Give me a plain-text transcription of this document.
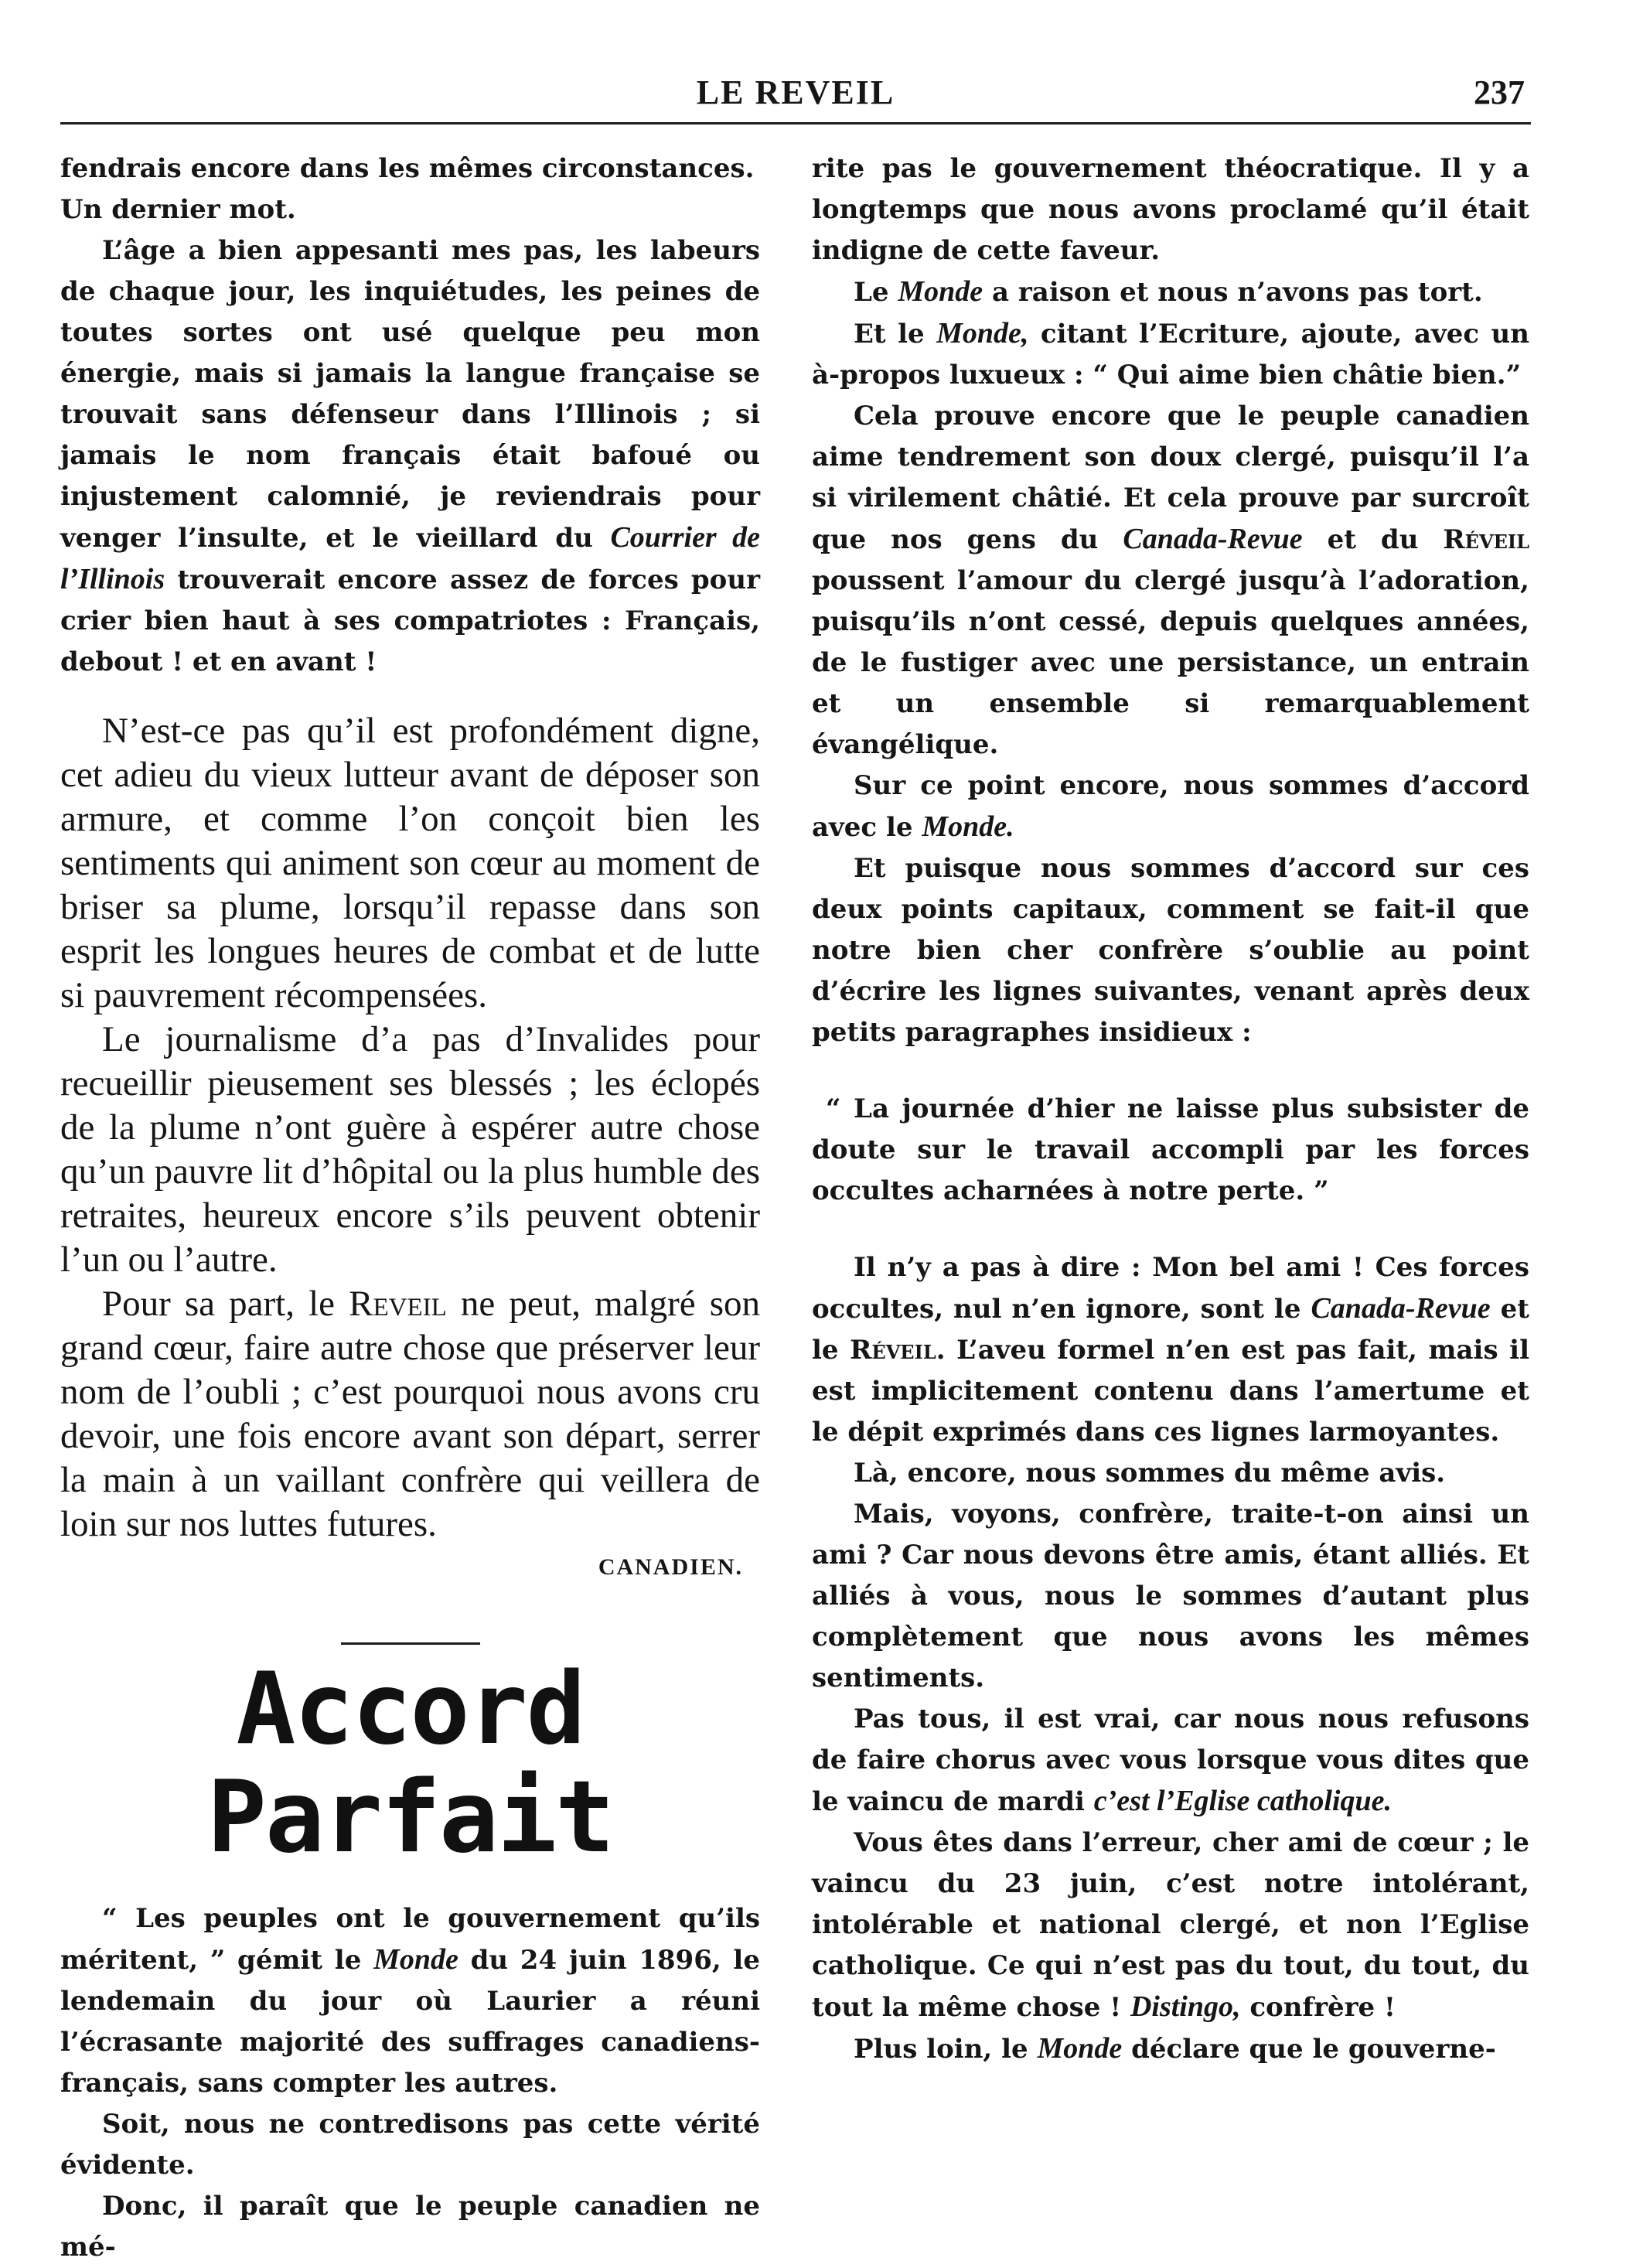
LE REVEIL	237

fendrais encore dans les mêmes circonstances.

Un dernier mot.

L’âge a bien appesanti mes pas, les labeurs de chaque jour, les inquiétudes, les peines de toutes sortes ont usé quelque peu mon énergie, mais si jamais la langue française se trouvait sans défenseur dans l’Illinois ; si jamais le nom français était bafoué ou injustement calomnié, je reviendrais pour venger l’insulte, et le vieillard du Courrier de l’Illinois trouverait encore assez de forces pour crier bien haut à ses compatriotes : Français, debout ! et en avant !

N’est-ce pas qu’il est profondément digne, cet adieu du vieux lutteur avant de déposer son armure, et comme l’on conçoit bien les sentiments qui animent son cœur au moment de briser sa plume, lorsqu’il repasse dans son esprit les longues heures de combat et de lutte si pauvrement récompensées.

Le journalisme d’a pas d’Invalides pour recueillir pieusement ses blessés ; les éclopés de la plume n’ont guère à espérer autre chose qu’un pauvre lit d’hôpital ou la plus humble des retraites, heureux encore s’ils peuvent obtenir l’un ou l’autre.

Pour sa part, le Reveil ne peut, malgré son grand cœur, faire autre chose que préserver leur nom de l’oubli ; c’est pourquoi nous avons cru devoir, une fois encore avant son départ, serrer la main à un vaillant confrère qui veillera de loin sur nos luttes futures.

CANADIEN.
Accord Parfait

“ Les peuples ont le gouvernement qu’ils méritent, ” gémit le Monde du 24 juin 1896, le lendemain du jour où Laurier a réuni l’écrasante majorité des suffrages canadiens-français, sans compter les autres.

Soit, nous ne contredisons pas cette vérité évidente.

Donc, il paraît que le peuple canadien ne mé-

rite pas le gouvernement théocratique. Il y a longtemps que nous avons proclamé qu’il était indigne de cette faveur.

Le Monde a raison et nous n’avons pas tort.

Et le Monde, citant l’Ecriture, ajoute, avec un à-propos luxueux : “ Qui aime bien châtie bien.”

Cela prouve encore que le peuple canadien aime tendrement son doux clergé, puisqu’il l’a si virilement châtié. Et cela prouve par surcroît que nos gens du Canada-Revue et du Réveil poussent l’amour du clergé jusqu’à l’adoration, puisqu’ils n’ont cessé, depuis quelques années, de le fustiger avec une persistance, un entrain et un ensemble si remarquablement évangélique.

Sur ce point encore, nous sommes d’accord avec le Monde.

Et puisque nous sommes d’accord sur ces deux points capitaux, comment se fait-il que notre bien cher confrère s’oublie au point d’écrire les lignes suivantes, venant après deux petits paragraphes insidieux :

“ La journée d’hier ne laisse plus subsister de doute sur le travail accompli par les forces occultes acharnées à notre perte. ”

Il n’y a pas à dire : Mon bel ami ! Ces forces occultes, nul n’en ignore, sont le Canada-Revue et le Réveil. L’aveu formel n’en est pas fait, mais il est implicitement contenu dans l’amertume et le dépit exprimés dans ces lignes larmoyantes.

Là, encore, nous sommes du même avis.

Mais, voyons, confrère, traite-t-on ainsi un ami ? Car nous devons être amis, étant alliés. Et alliés à vous, nous le sommes d’autant plus complètement que nous avons les mêmes sentiments.

Pas tous, il est vrai, car nous nous refusons de faire chorus avec vous lorsque vous dites que le vaincu de mardi c’est l’Eglise catholique.

Vous êtes dans l’erreur, cher ami de cœur ; le vaincu du 23 juin, c’est notre intolérant, intolérable et national clergé, et non l’Eglise catholique. Ce qui n’est pas du tout, du tout, du tout la même chose ! Distingo, confrère !

Plus loin, le Monde déclare que le gouverne-
